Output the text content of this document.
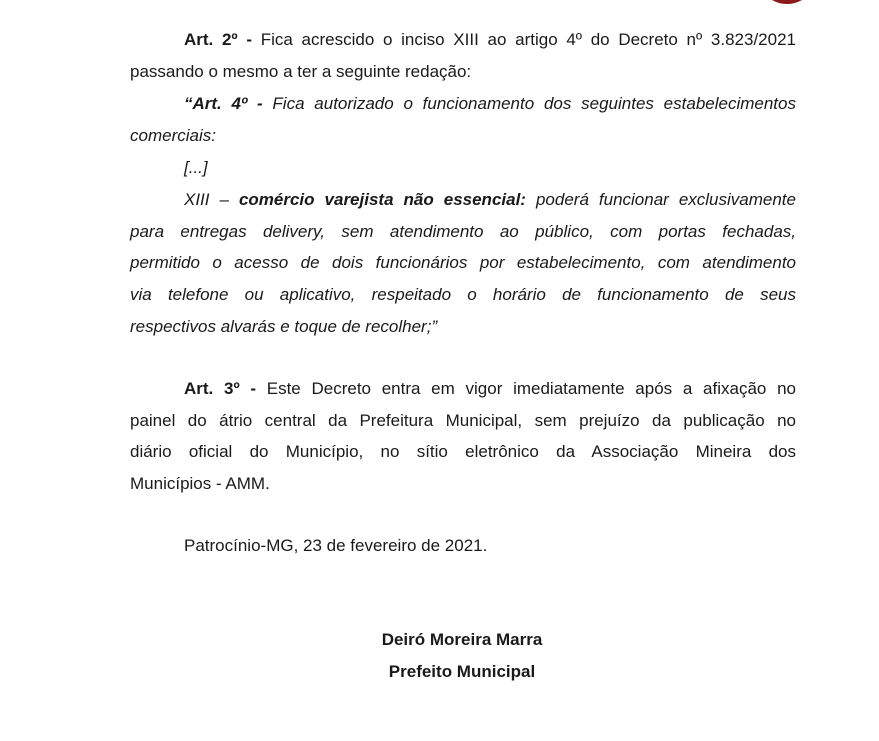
Art. 2º - Fica acrescido o inciso XIII ao artigo 4º do Decreto nº 3.823/2021
passando o mesmo a ter a seguinte redação:
“Art. 4º - Fica autorizado o funcionamento dos seguintes estabelecimentos
comerciais:
[...]
XIII – comércio varejista não essencial: poderá funcionar exclusivamente
para entregas delivery, sem atendimento ao público, com portas fechadas,
permitido o acesso de dois funcionários por estabelecimento, com atendimento
via telefone ou aplicativo, respeitado o horário de funcionamento de seus
respectivos alvarás e toque de recolher;”
Art. 3º - Este Decreto entra em vigor imediatamente após a afixação no
painel do átrio central da Prefeitura Municipal, sem prejuízo da publicação no
diário oficial do Município, no sítio eletrônico da Associação Mineira dos
Municípios - AMM.
Patrocínio-MG, 23 de fevereiro de 2021.
Deiró Moreira Marra
Prefeito Municipal
